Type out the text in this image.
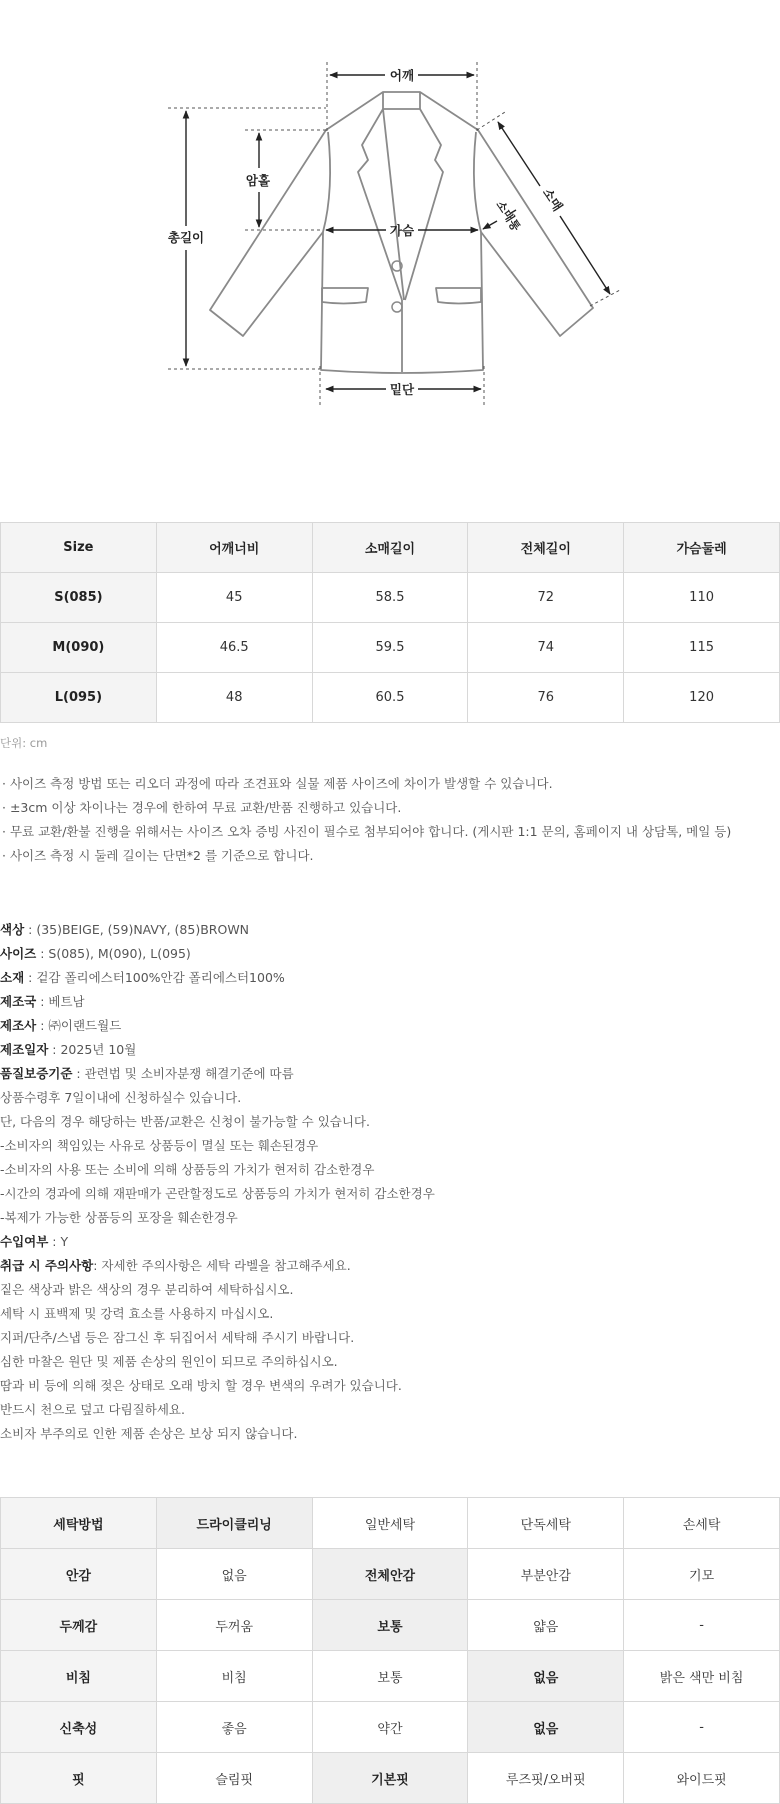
어깨
암홀
총길이	가슴
밑단
소매
소매통
Size	어깨너비	소매길이	전체길이	가슴둘레
S(085)	45	58.5	72	110
M(090)	46.5	59.5	74	115
L(095)	48	60.5	76	120
단위: cm
· 사이즈 측정 방법 또는 리오더 과정에 따라 조견표와 실물 제품 사이즈에 차이가 발생할 수 있습니다.
· ±3cm 이상 차이나는 경우에 한하여 무료 교환/반품 진행하고 있습니다.
· 무료 교환/환불 진행을 위해서는 사이즈 오차 증빙 사진이 필수로 첨부되어야 합니다. (게시판 1:1 문의, 홈페이지 내 상담톡, 메일 등)
· 사이즈 측정 시 둘레 길이는 단면*2 를 기준으로 합니다.
색상 : (35)BEIGE, (59)NAVY, (85)BROWN
사이즈 : S(085), M(090), L(095)
소재 : 겉감 폴리에스터100%안감 폴리에스터100%
제조국 : 베트남
제조사 : ㈜이랜드월드
제조일자 : 2025년 10월
품질보증기준 : 관련법 및 소비자분쟁 해결기준에 따름
상품수령후 7일이내에 신청하실수 있습니다.
단, 다음의 경우 해당하는 반품/교환은 신청이 불가능할 수 있습니다.
-소비자의 책임있는 사유로 상품등이 멸실 또는 훼손된경우
-소비자의 사용 또는 소비에 의해 상품등의 가치가 현저히 감소한경우
-시간의 경과에 의해 재판매가 곤란할정도로 상품등의 가치가 현저히 감소한경우
-복제가 가능한 상품등의 포장을 훼손한경우
수입여부 : Y
취급 시 주의사항: 자세한 주의사항은 세탁 라벨을 참고해주세요.
짙은 색상과 밝은 색상의 경우 분리하여 세탁하십시오.
세탁 시 표백제 및 강력 효소를 사용하지 마십시오.
지퍼/단추/스냅 등은 잠그신 후 뒤집어서 세탁해 주시기 바랍니다.
심한 마찰은 원단 및 제품 손상의 원인이 되므로 주의하십시오.
땀과 비 등에 의해 젖은 상태로 오래 방치 할 경우 변색의 우려가 있습니다.
반드시 천으로 덮고 다림질하세요.
소비자 부주의로 인한 제품 손상은 보상 되지 않습니다.
세탁방법	드라이클리닝	일반세탁	단독세탁	손세탁
안감	없음	전체안감	부분안감	기모
두께감	두꺼움	보통	얇음	-
비침	비침	보통	없음	밝은 색만 비침
신축성	좋음	약간	없음	-
핏	슬림핏	기본핏	루즈핏/오버핏	와이드핏
